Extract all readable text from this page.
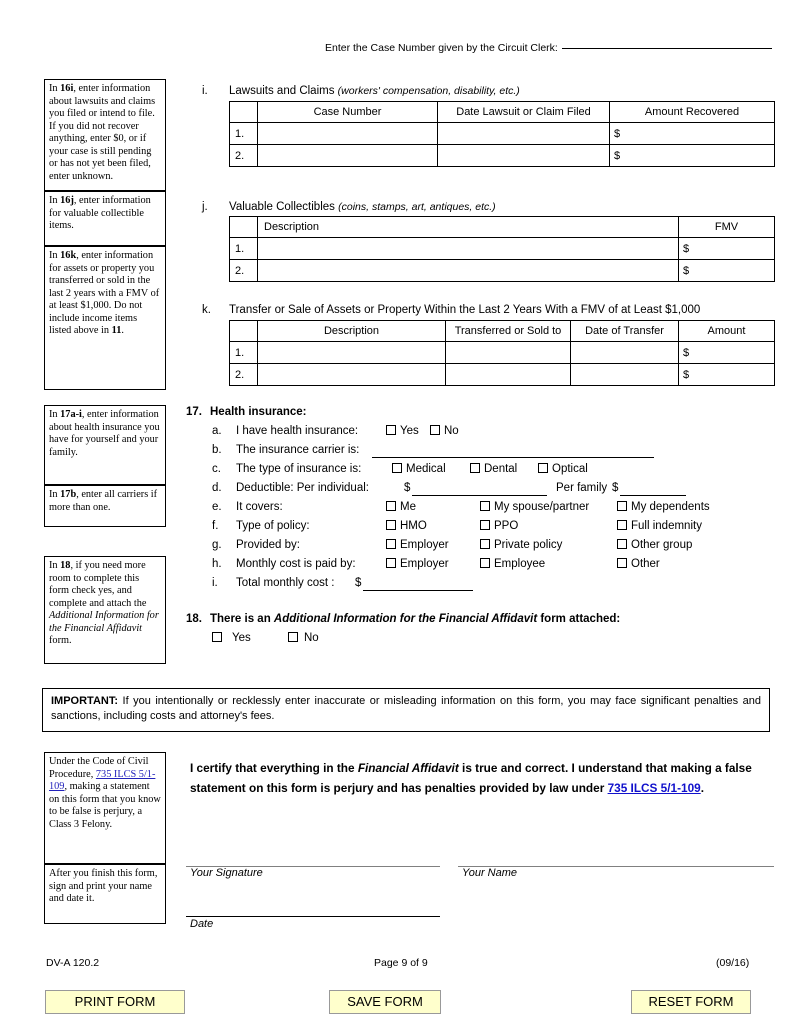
Enter the Case Number given by the Circuit Clerk:
In 16i, enter information about lawsuits and claims you filed or intend to file. If you did not recover anything, enter $0, or if your case is still pending or has not yet been filed, enter unknown.
In 16j, enter information for valuable collectible items.
In 16k, enter information for assets or property you transferred or sold in the last 2 years with a FMV of at least $1,000. Do not include income items listed above in 11.
In 17a-i, enter information about health insurance you have for yourself and your family.
In 17b, enter all carriers if more than one.
In 18, if you need more room to complete this form check yes, and complete and attach the Additional Information for the Financial Affidavit form.
Under the Code of Civil Procedure, 735 ILCS 5/1-109, making a statement on this form that you know to be false is perjury, a Class 3 Felony.
After you finish this form, sign and print your name and date it.
i. Lawsuits and Claims (workers' compensation, disability, etc.)
	Case Number	Date Lawsuit or Claim Filed	Amount Recovered
1.			$
2.			$
j. Valuable Collectibles (coins, stamps, art, antiques, etc.)
	Description	FMV
1.		$
2.		$
k. Transfer or Sale of Assets or Property Within the Last 2 Years With a FMV of at Least $1,000
	Description	Transferred or Sold to	Date of Transfer	Amount
1.				$
2.				$
17. Health insurance:
a. I have health insurance:	Yes	No
b. The insurance carrier is:
c. The type of insurance is:	Medical	Dental	Optical
d. Deductible: Per individual:	$	Per family $
e. It covers:	Me	My spouse/partner	My dependents
f. Type of policy:	HMO	PPO	Full indemnity
g. Provided by:	Employer	Private policy	Other group
h. Monthly cost is paid by:	Employer	Employee	Other
i. Total monthly cost : $
18. There is an Additional Information for the Financial Affidavit form attached:
Yes	No
IMPORTANT: If you intentionally or recklessly enter inaccurate or misleading information on this form, you may face significant penalties and sanctions, including costs and attorney's fees.
I certify that everything in the Financial Affidavit is true and correct. I understand that making a false statement on this form is perjury and has penalties provided by law under 735 ILCS 5/1-109.
Your Signature	Your Name
Date
DV-A 120.2	Page 9 of 9	(09/16)
PRINT FORM	SAVE FORM	RESET FORM
